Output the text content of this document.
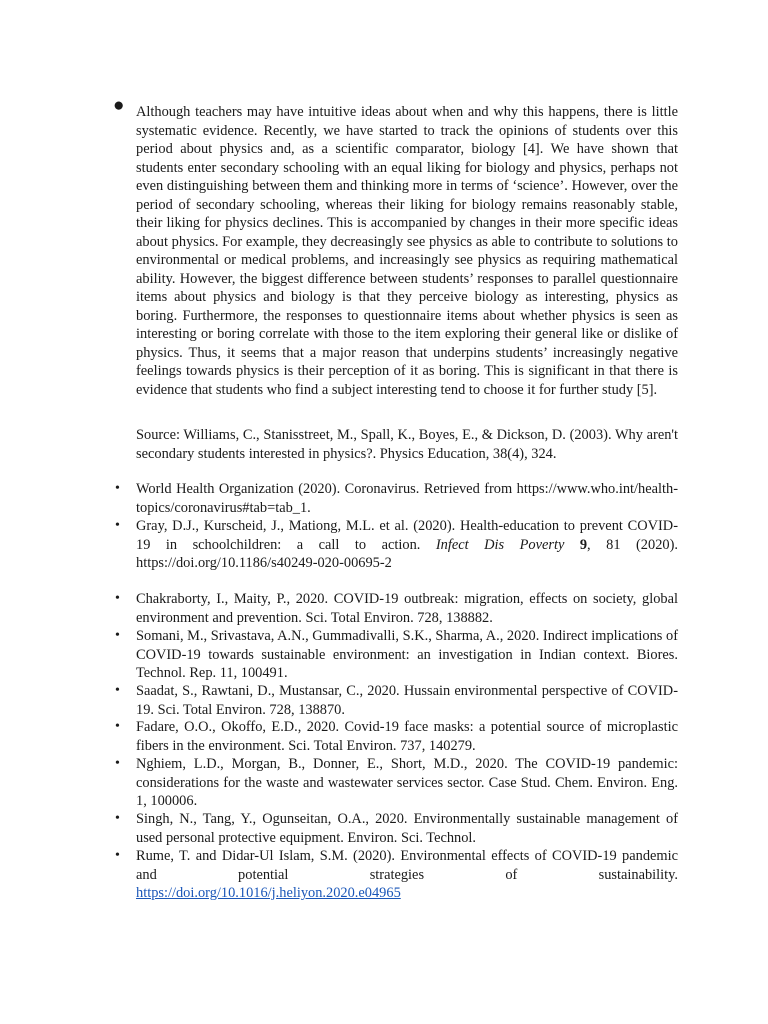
● Although teachers may have intuitive ideas about when and why this happens, there is little systematic evidence. Recently, we have started to track the opinions of students over this period about physics and, as a scientific comparator, biology [4]. We have shown that students enter secondary schooling with an equal liking for biology and physics, perhaps not even distinguishing between them and thinking more in terms of ‘science’. However, over the period of secondary schooling, whereas their liking for biology remains reasonably stable, their liking for physics declines. This is accompanied by changes in their more specific ideas about physics. For example, they decreasingly see physics as able to contribute to solutions to environmental or medical problems, and increasingly see physics as requiring mathematical ability. However, the biggest difference between students’ responses to parallel questionnaire items about physics and biology is that they perceive biology as interesting, physics as boring. Furthermore, the responses to questionnaire items about whether physics is seen as interesting or boring correlate with those to the item exploring their general like or dislike of physics. Thus, it seems that a major reason that underpins students’ increasingly negative feelings towards physics is their perception of it as boring. This is significant in that there is evidence that students who find a subject interesting tend to choose it for further study [5].
Source: Williams, C., Stanisstreet, M., Spall, K., Boyes, E., & Dickson, D. (2003). Why aren't secondary students interested in physics?. Physics Education, 38(4), 324.
• World Health Organization (2020). Coronavirus. Retrieved from https://www.who.int/health-topics/coronavirus#tab=tab_1.
• Gray, D.J., Kurscheid, J., Mationg, M.L. et al. (2020). Health-education to prevent COVID-19 in schoolchildren: a call to action. Infect Dis Poverty 9, 81 (2020). https://doi.org/10.1186/s40249-020-00695-2
• Chakraborty, I., Maity, P., 2020. COVID-19 outbreak: migration, effects on society, global environment and prevention. Sci. Total Environ. 728, 138882.
• Somani, M., Srivastava, A.N., Gummadivalli, S.K., Sharma, A., 2020. Indirect implications of COVID-19 towards sustainable environment: an investigation in Indian context. Biores. Technol. Rep. 11, 100491.
• Saadat, S., Rawtani, D., Mustansar, C., 2020. Hussain environmental perspective of COVID-19. Sci. Total Environ. 728, 138870.
• Fadare, O.O., Okoffo, E.D., 2020. Covid-19 face masks: a potential source of microplastic fibers in the environment. Sci. Total Environ. 737, 140279.
• Nghiem, L.D., Morgan, B., Donner, E., Short, M.D., 2020. The COVID-19 pandemic: considerations for the waste and wastewater services sector. Case Stud. Chem. Environ. Eng. 1, 100006.
• Singh, N., Tang, Y., Ogunseitan, O.A., 2020. Environmentally sustainable management of used personal protective equipment. Environ. Sci. Technol.
• Rume, T. and Didar-Ul Islam, S.M. (2020). Environmental effects of COVID-19 pandemic and potential strategies of sustainability.
https://doi.org/10.1016/j.heliyon.2020.e04965
